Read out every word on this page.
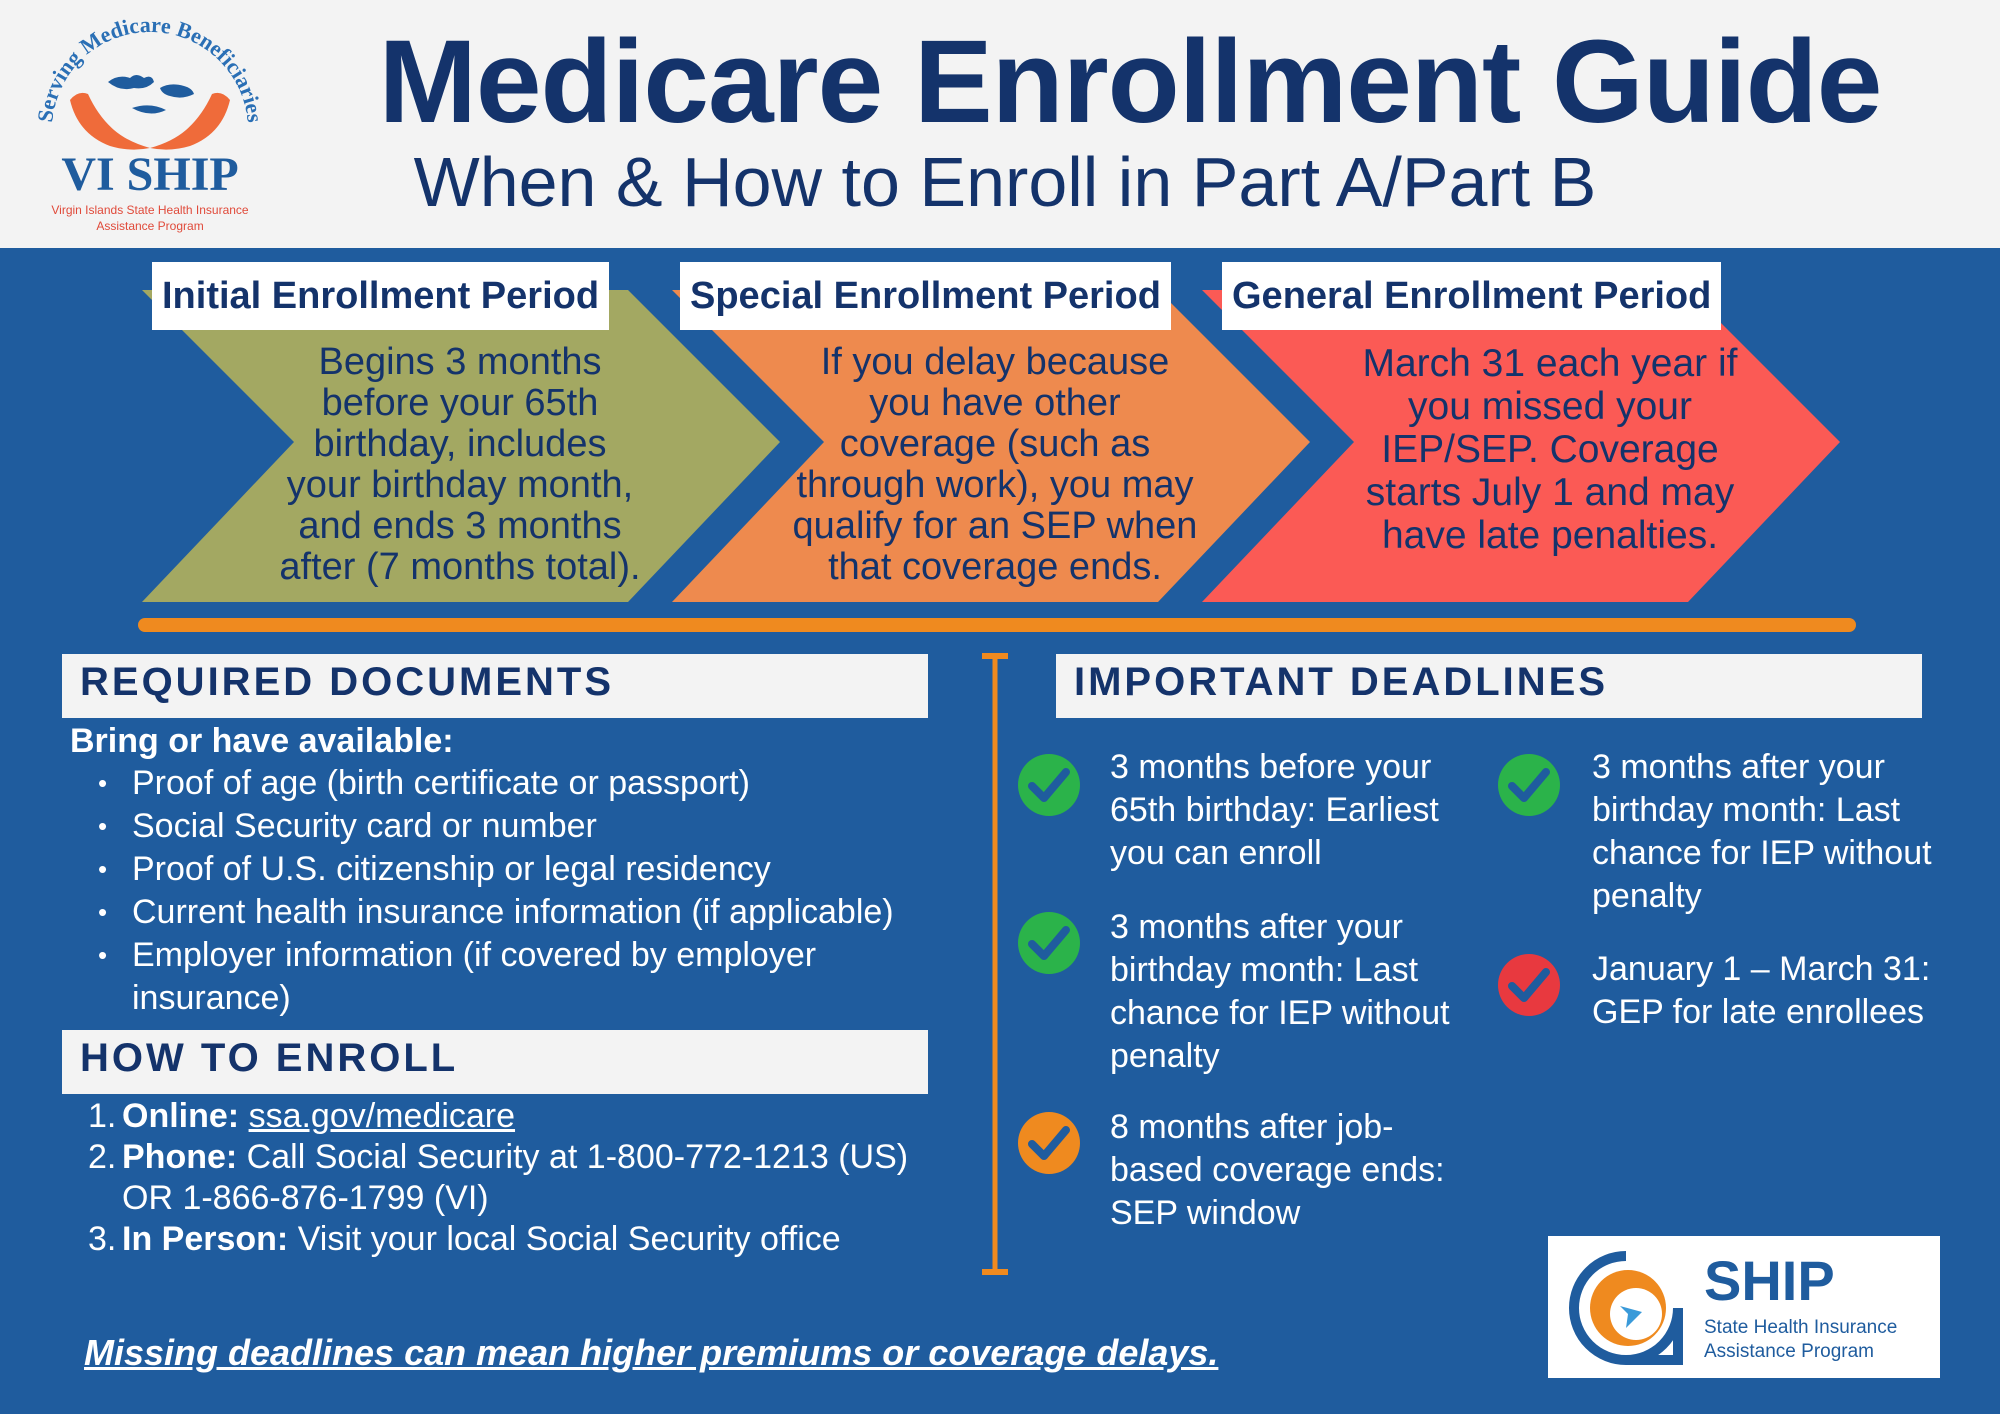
Serving Medicare Beneficiaries
VI SHIP
Virgin Islands State Health Insurance
Assistance Program
Medicare Enrollment Guide
When & How to Enroll in Part A/Part B
Initial Enrollment Period Special Enrollment Period General Enrollment Period
Begins 3 months
before your 65th
birthday, includes
your birthday month,
and ends 3 months
after (7 months total).
If you delay because
you have other
coverage (such as
through work), you may
qualify for an SEP when
that coverage ends.
March 31 each year if
you missed your
IEP/SEP. Coverage
starts July 1 and may
have late penalties.
REQUIRED DOCUMENTS
Bring or have available:
• Proof of age (birth certificate or passport)
• Social Security card or number
• Proof of U.S. citizenship or legal residency
• Current health insurance information (if applicable)
• Employer information (if covered by employer insurance)
HOW TO ENROLL
1. Online: ssa.gov/medicare
2. Phone: Call Social Security at 1-800-772-1213 (US) OR 1-866-876-1799 (VI)
3. In Person: Visit your local Social Security office
Missing deadlines can mean higher premiums or coverage delays.
IMPORTANT DEADLINES
3 months before your
65th birthday: Earliest
you can enroll
3 months after your
birthday month: Last
chance for IEP without
penalty
8 months after job-
based coverage ends:
SEP window
3 months after your
birthday month: Last
chance for IEP without
penalty
January 1 – March 31:
GEP for late enrollees
SHIP
State Health Insurance
Assistance Program
